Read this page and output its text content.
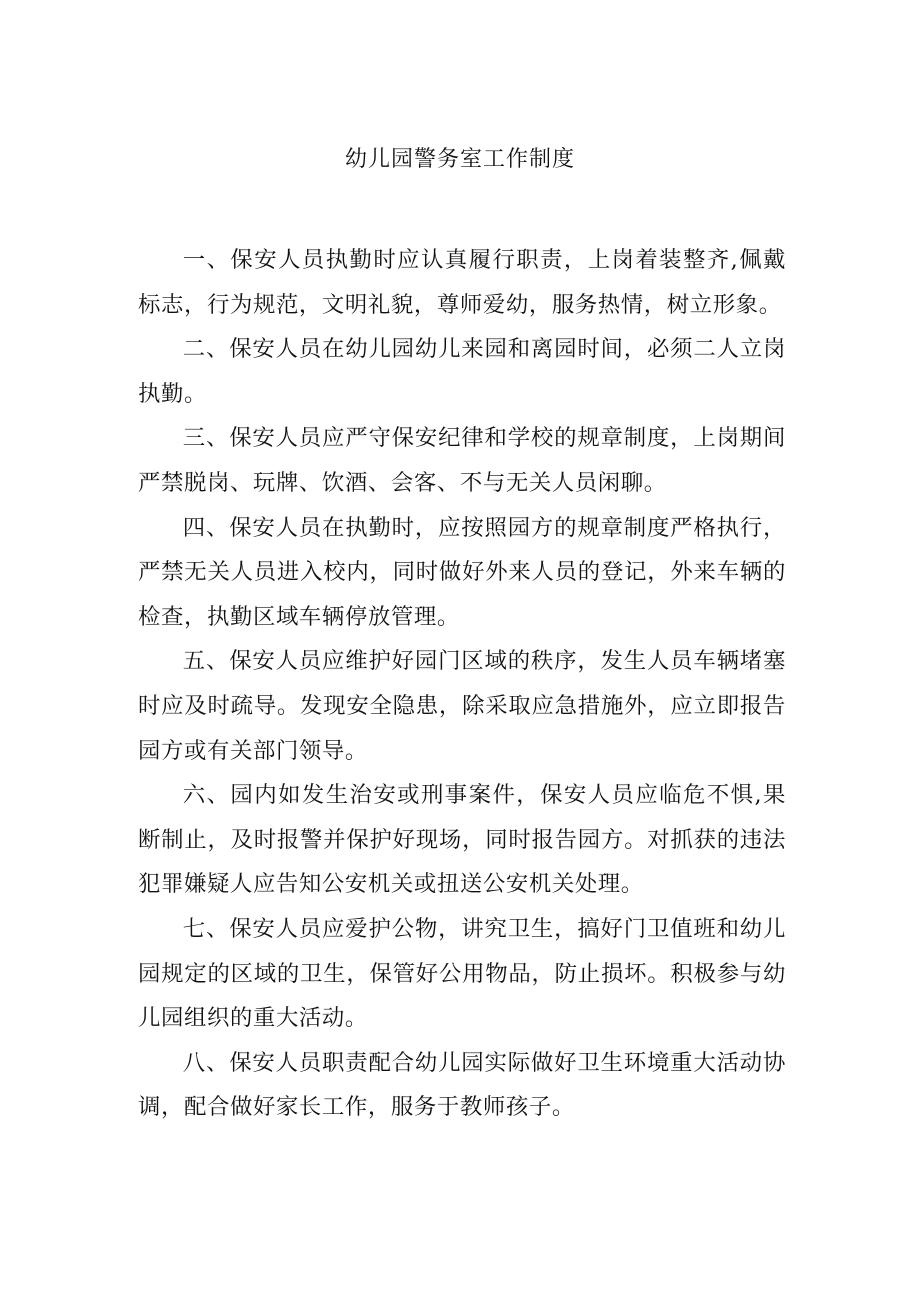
幼儿园警务室工作制度

一、保安人员执勤时应认真履行职责，上岗着装整齐,佩戴标志，行为规范，文明礼貌，尊师爱幼，服务热情，树立形象。

二、保安人员在幼儿园幼儿来园和离园时间，必须二人立岗执勤。

三、保安人员应严守保安纪律和学校的规章制度，上岗期间严禁脱岗、玩牌、饮酒、会客、不与无关人员闲聊。

四、保安人员在执勤时，应按照园方的规章制度严格执行，严禁无关人员进入校内，同时做好外来人员的登记，外来车辆的检查，执勤区域车辆停放管理。

五、保安人员应维护好园门区域的秩序，发生人员车辆堵塞时应及时疏导。发现安全隐患，除采取应急措施外，应立即报告园方或有关部门领导。

六、园内如发生治安或刑事案件，保安人员应临危不惧,果断制止，及时报警并保护好现场，同时报告园方。对抓获的违法犯罪嫌疑人应告知公安机关或扭送公安机关处理。

七、保安人员应爱护公物，讲究卫生，搞好门卫值班和幼儿园规定的区域的卫生，保管好公用物品，防止损坏。积极参与幼儿园组织的重大活动。

八、保安人员职责配合幼儿园实际做好卫生环境重大活动协调，配合做好家长工作，服务于教师孩子。
